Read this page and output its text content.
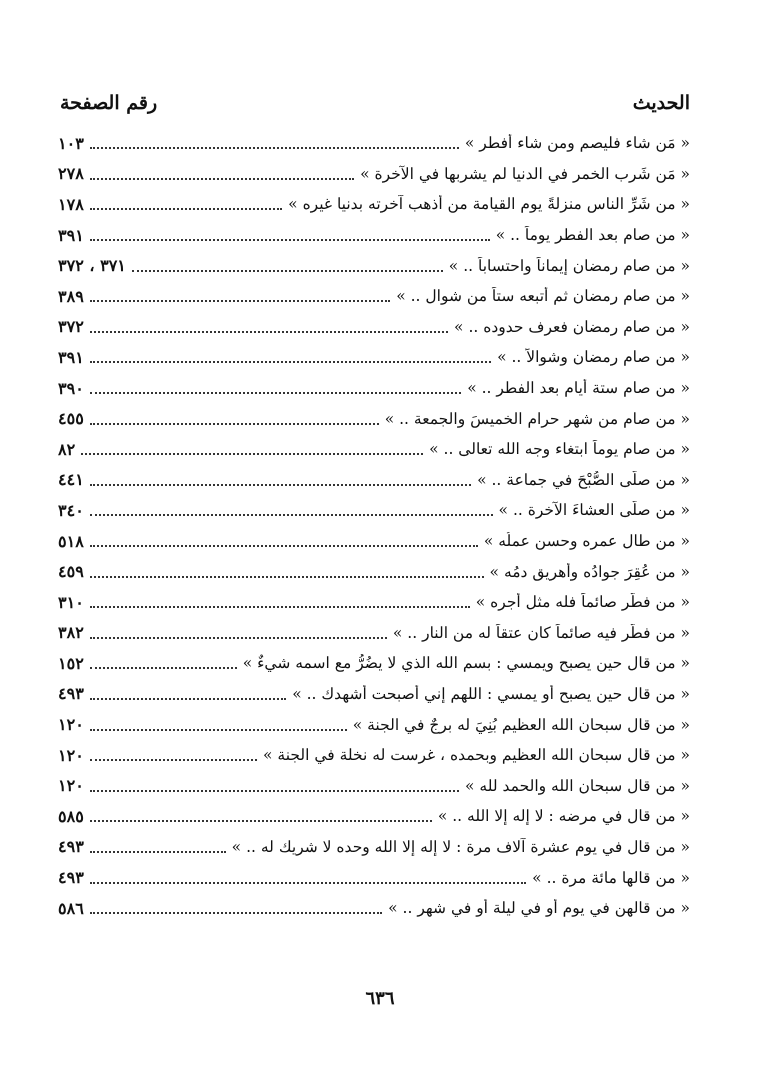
رقم الصفحة	الحديث
« مَن شاء فليصم ومن شاء أفطر »
١٠٣
« مَن شَرِب الخمر في الدنيا لم يشربها في الآخرة »
٢٧٨
« من شَرِّ الناس منزلةً يوم القيامة من أذهب آخرته بدنيا غيره »
١٧٨
« من صام بعد الفطر يوماً .. »
٣٩١
« من صام رمضان إيماناً واحتساباً .. »
٣٧١ ، ٣٧٢
« من صام رمضان ثم أتبعه ستاً من شوال .. »
٣٨٩
« من صام رمضان فعرف حدوده .. »
٣٧٢
« من صام رمضان وشوالاً .. »
٣٩١
« من صام ستة أيام بعد الفطر .. »
٣٩٠
« من صام من شهر حرام الخميسَ والجمعة .. »
٤٥٥
« من صام يوماً ابتغاء وجه الله تعالى .. »
٨٢
« من صلّى الصُّبْحَ في جماعة .. »
٤٤١
« من صلّى العشاءَ الآخرة .. »
٣٤٠
« من طال عمره وحسن عملُه »
٥١٨
« من عُقِرَ جوادُه وأُهريق دمُه »
٤٥٩
« من فطّر صائماً فله مثل أجره »
٣١٠
« من فطّر فيه صائماً كان عتقاً له من النار .. »
٣٨٢
« من قال حين يصبح ويمسي : بسم الله الذي لا يضُرُّ مع اسمه شيءٌ »
١٥٢
« من قال حين يصبح أو يمسي : اللهم إني أصبحت أشهدك .. »
٤٩٣
« من قال سبحان الله العظيم بُنِيَ له برجٌ في الجنة »
١٢٠
« من قال سبحان الله العظيم وبحمده ، غرست له نخلة في الجنة »
١٢٠
« من قال سبحان الله والحمد لله »
١٢٠
« من قال في مرضه : لا إله إلا الله .. »
٥٨٥
« من قال في يوم عشرة آلاف مرة : لا إله إلا الله وحده لا شريك له .. »
٤٩٣
« من قالها مائة مرة .. »
٤٩٣
« من قالهن في يوم أو في ليلة أو في شهر .. »
٥٨٦
٦٣٦
